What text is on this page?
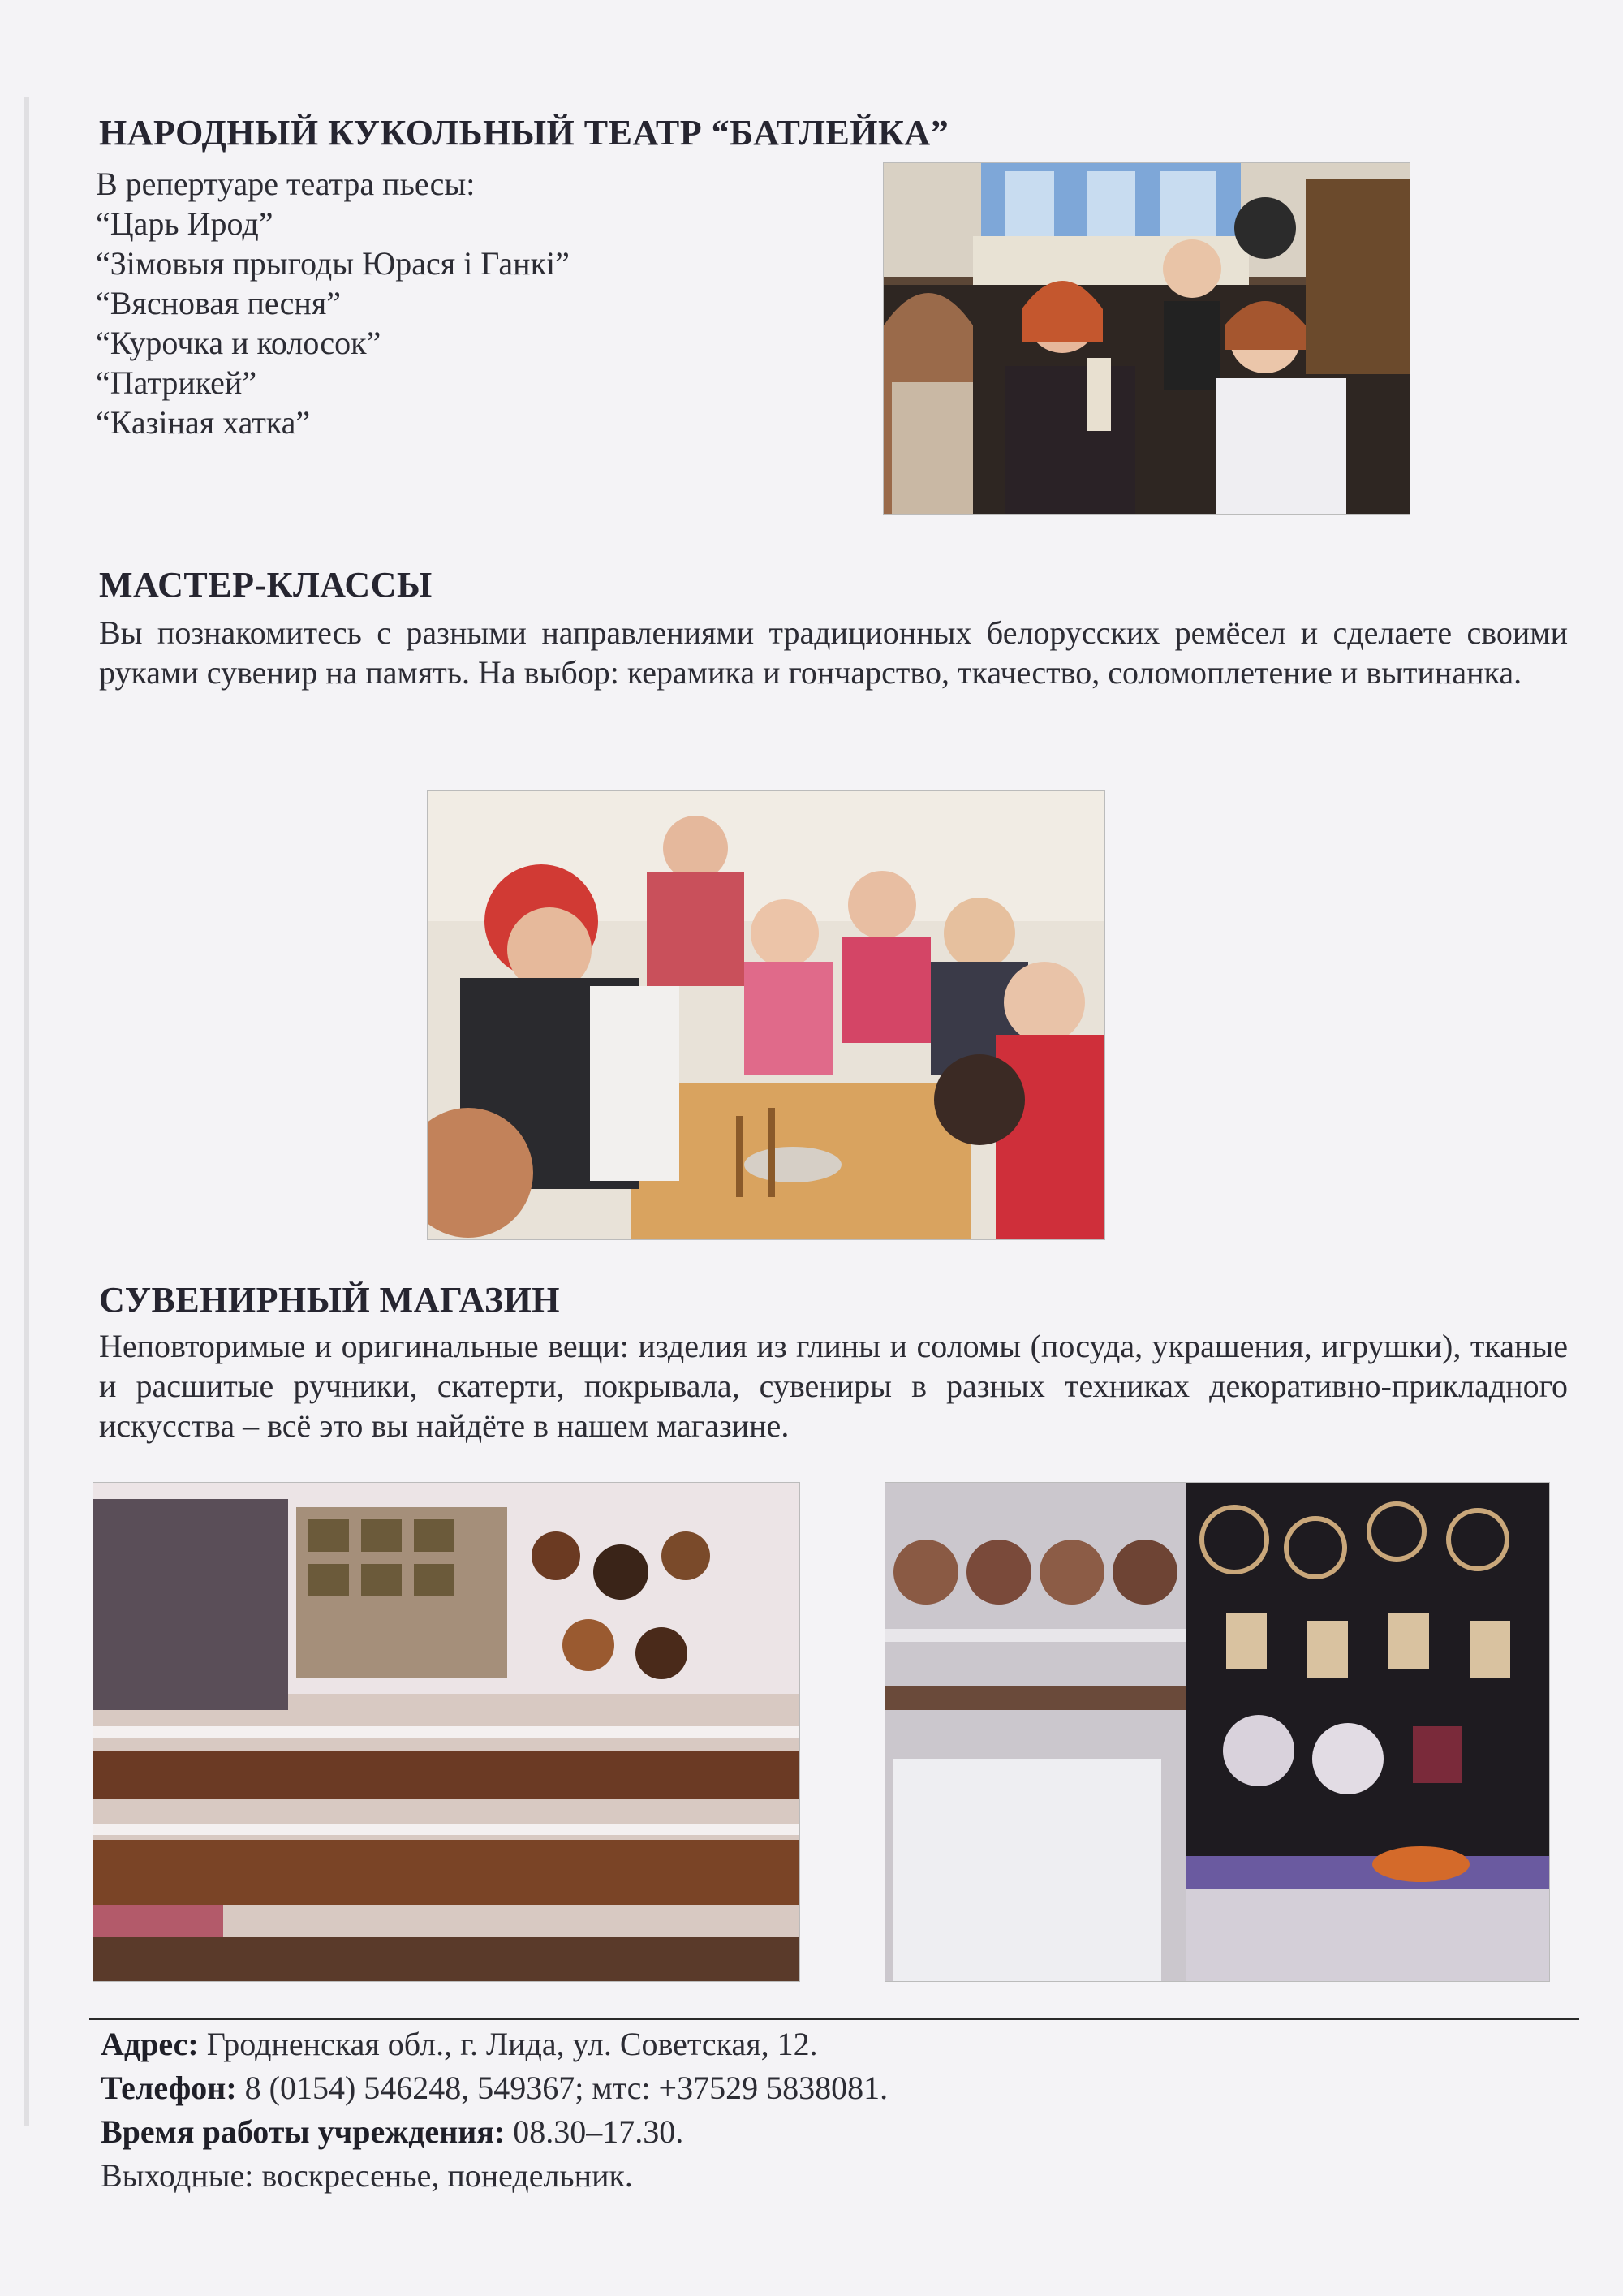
НАРОДНЫЙ КУКОЛЬНЫЙ ТЕАТР “БАТЛЕЙКА”
В репертуаре театра пьесы:
“Царь Ирод”
“Зімовыя прыгоды Юрася і Ганкі”
“Вясновая песня”
“Курочка и колосок”
“Патрикей”
“Казіная хатка”
МАСТЕР-КЛАССЫ
Вы познакомитесь с разными направлениями традиционных белорусских ремёсел и сделаете своими руками сувенир на память. На выбор: керамика и гончарство, ткачество, соломоплетение и вытинанка.
СУВЕНИРНЫЙ МАГАЗИН
Неповторимые и оригинальные вещи: изделия из глины и соломы (посуда, украшения, игрушки), тканые и расшитые ручники, скатерти, покрывала, сувениры в разных техниках декоративно-прикладного искусства – всё это вы найдёте в нашем магазине.
Адрес: Гродненская обл., г. Лида, ул. Советская, 12.
Телефон: 8 (0154) 546248, 549367; мтс: +37529 5838081.
Время работы учреждения: 08.30–17.30.
Выходные: воскресенье, понедельник.
